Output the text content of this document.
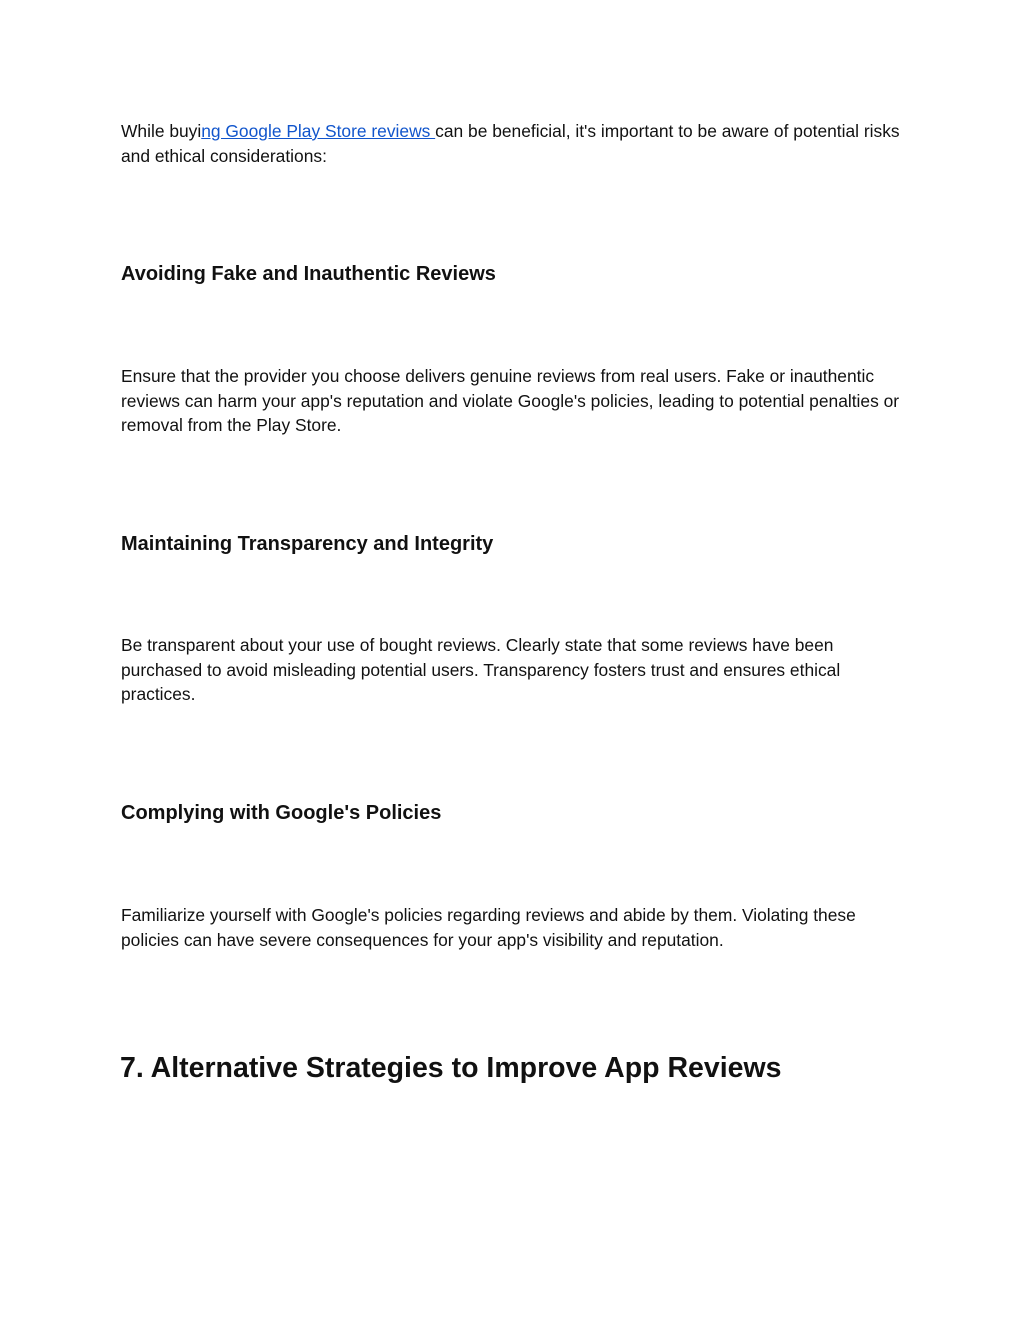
While buying Google Play Store reviews can be beneficial, it's important to be aware of potential risks and ethical considerations:

Avoiding Fake and Inauthentic Reviews

Ensure that the provider you choose delivers genuine reviews from real users. Fake or inauthentic reviews can harm your app's reputation and violate Google's policies, leading to potential penalties or removal from the Play Store.

Maintaining Transparency and Integrity

Be transparent about your use of bought reviews. Clearly state that some reviews have been purchased to avoid misleading potential users. Transparency fosters trust and ensures ethical practices.

Complying with Google's Policies

Familiarize yourself with Google's policies regarding reviews and abide by them. Violating these policies can have severe consequences for your app's visibility and reputation.

7. Alternative Strategies to Improve App Reviews
